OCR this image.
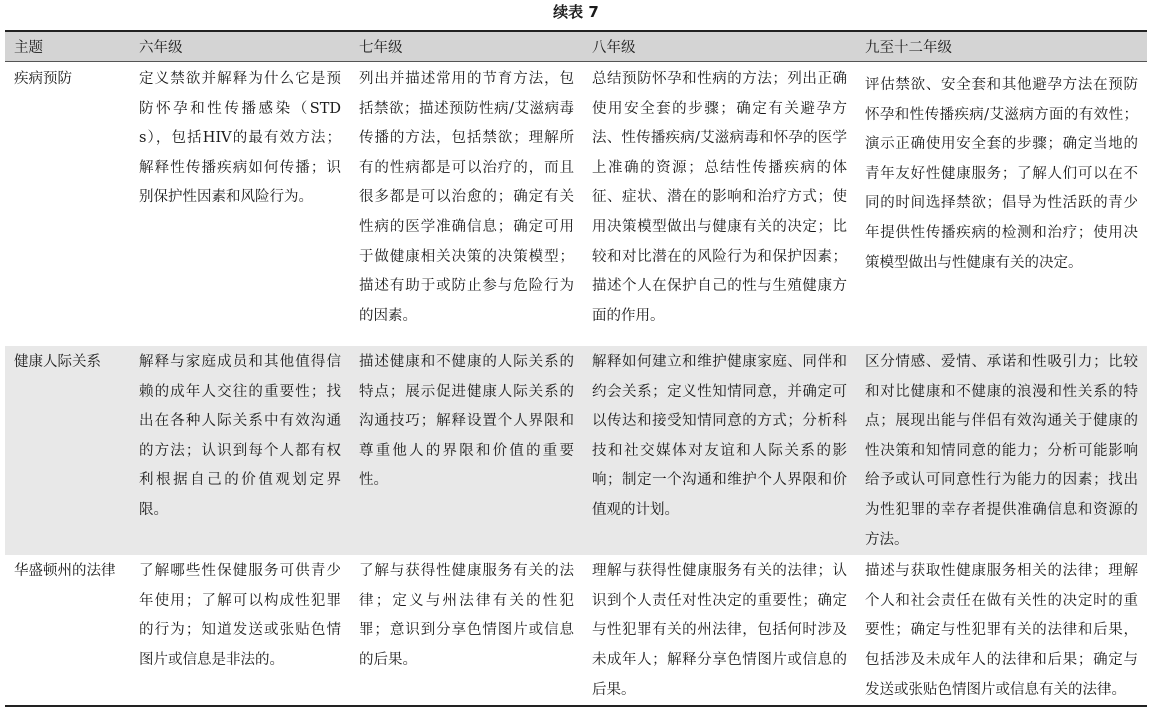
续表 7
主题	六年级	七年级	八年级	九至十二年级
疾病预防	定义禁欲并解释为什么它是预防怀孕和性传播感染（STDs），包括HIV的最有效方法；解释性传播疾病如何传播；识别保护性因素和风险行为。	列出并描述常用的节育方法，包括禁欲；描述预防性病/艾滋病毒传播的方法，包括禁欲；理解所有的性病都是可以治疗的，而且很多都是可以治愈的；确定有关性病的医学准确信息；确定可用于做健康相关决策的决策模型；描述有助于或防止参与危险行为的因素。	总结预防怀孕和性病的方法；列出正确使用安全套的步骤；确定有关避孕方法、性传播疾病/艾滋病毒和怀孕的医学上准确的资源；总结性传播疾病的体征、症状、潜在的影响和治疗方式；使用决策模型做出与健康有关的决定；比较和对比潜在的风险行为和保护因素；描述个人在保护自己的性与生殖健康方面的作用。	评估禁欲、安全套和其他避孕方法在预防怀孕和性传播疾病/艾滋病方面的有效性；演示正确使用安全套的步骤；确定当地的青年友好性健康服务；了解人们可以在不同的时间选择禁欲；倡导为性活跃的青少年提供性传播疾病的检测和治疗；使用决策模型做出与性健康有关的决定。
健康人际关系	解释与家庭成员和其他值得信赖的成年人交往的重要性；找出在各种人际关系中有效沟通的方法；认识到每个人都有权利根据自己的价值观划定界限。	描述健康和不健康的人际关系的特点；展示促进健康人际关系的沟通技巧；解释设置个人界限和尊重他人的界限和价值的重要性。	解释如何建立和维护健康家庭、同伴和约会关系；定义性知情同意，并确定可以传达和接受知情同意的方式；分析科技和社交媒体对友谊和人际关系的影响；制定一个沟通和维护个人界限和价值观的计划。	区分情感、爱情、承诺和性吸引力；比较和对比健康和不健康的浪漫和性关系的特点；展现出能与伴侣有效沟通关于健康的性决策和知情同意的能力；分析可能影响给予或认可同意性行为能力的因素；找出为性犯罪的幸存者提供准确信息和资源的方法。
华盛顿州的法律	了解哪些性保健服务可供青少年使用；了解可以构成性犯罪的行为；知道发送或张贴色情图片或信息是非法的。	了解与获得性健康服务有关的法律；定义与州法律有关的性犯罪；意识到分享色情图片或信息的后果。	理解与获得性健康服务有关的法律；认识到个人责任对性决定的重要性；确定与性犯罪有关的州法律，包括何时涉及未成年人；解释分享色情图片或信息的后果。	描述与获取性健康服务相关的法律；理解个人和社会责任在做有关性的决定时的重要性；确定与性犯罪有关的法律和后果，包括涉及未成年人的法律和后果；确定与发送或张贴色情图片或信息有关的法律。
